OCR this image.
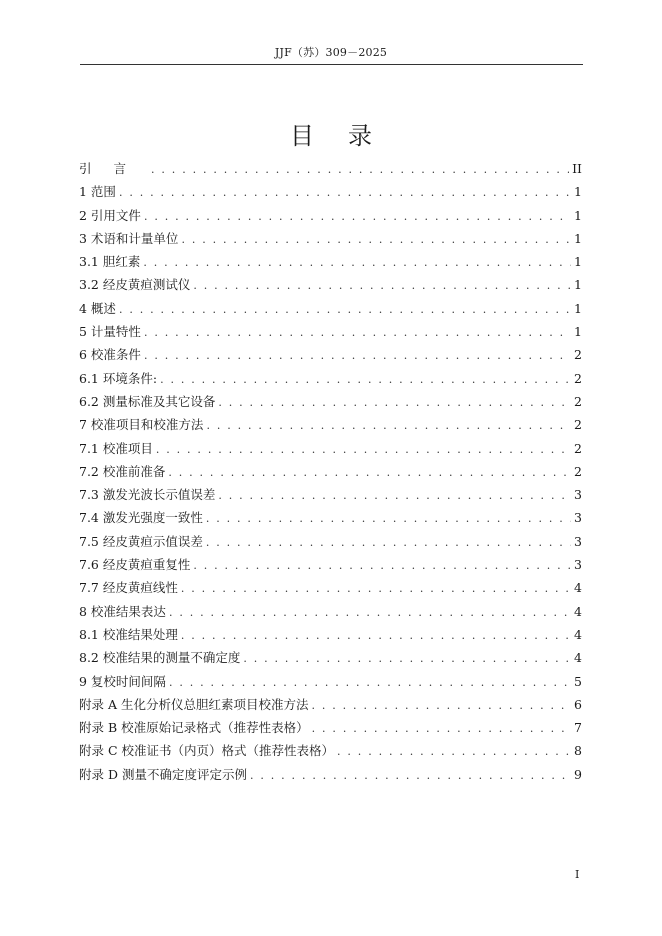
JJF（苏）309－2025
目录
引言 . . .	II
1 范围 . . .	1
2 引用文件 . . .	1
3 术语和计量单位 . . .	1
3.1 胆红素 . . .	1
3.2 经皮黄疸测试仪 . . .	1
4 概述 . . .	1
5 计量特性 . . .	1
6 校准条件 . . .	2
6.1 环境条件: . . .	2
6.2 测量标准及其它设备 . . .	2
7 校准项目和校准方法 . . .	2
7.1 校准项目 . . .	2
7.2 校准前准备 . . .	2
7.3 激发光波长示值误差 . . .	3
7.4 激发光强度一致性 . . .	3
7.5 经皮黄疸示值误差 . . .	3
7.6 经皮黄疸重复性 . . .	3
7.7 经皮黄疸线性 . . .	4
8 校准结果表达 . . .	4
8.1 校准结果处理 . . .	4
8.2 校准结果的测量不确定度 . . .	4
9 复校时间间隔 . . .	5
附录 A 生化分析仪总胆红素项目校准方法 . . .	6
附录 B 校准原始记录格式（推荐性表格） . . .	7
附录 C 校准证书（内页）格式（推荐性表格） . . .	8
附录 D 测量不确定度评定示例 . . .	9
I
